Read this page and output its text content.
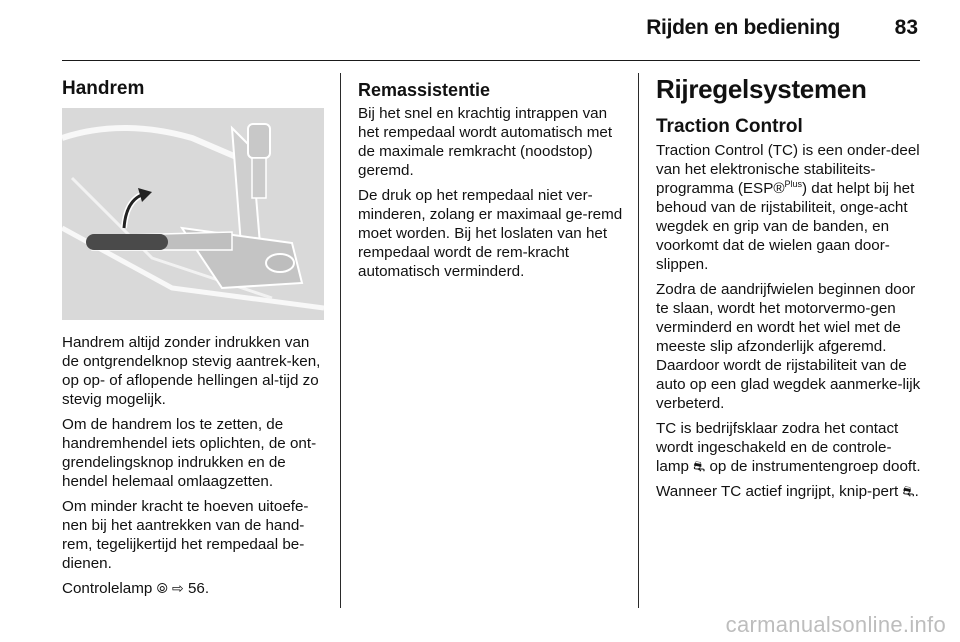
Rijden en bediening	83
Handrem

Handrem altijd zonder indrukken van de ontgrendelknop stevig aantrek-ken, op op- of aflopende hellingen al-tijd zo stevig mogelijk.

Om de handrem los te zetten, de handremhendel iets oplichten, de ont-grendelingsknop indrukken en de hendel helemaal omlaagzetten.

Om minder kracht te hoeven uitoefe-nen bij het aantrekken van de hand-rem, tegelijkertijd het rempedaal be-dienen.

Controlelamp ⦾ ⇨ 56.

Remassistentie

Bij het snel en krachtig intrappen van het rempedaal wordt automatisch met de maximale remkracht (noodstop) geremd.

De druk op het rempedaal niet ver-minderen, zolang er maximaal ge-remd moet worden. Bij het loslaten van het rempedaal wordt de rem-kracht automatisch verminderd.

Rijregelsystemen
Traction Control

Traction Control (TC) is een onder-deel van het elektronische stabiliteits-programma (ESP®$^{Plus}$) dat helpt bij het behoud van de rijstabiliteit, onge-acht wegdek en grip van de banden, en voorkomt dat de wielen gaan door-slippen.

Zodra de aandrijfwielen beginnen door te slaan, wordt het motorvermo-gen verminderd en wordt het wiel met de meeste slip afzonderlijk afgeremd. Daardoor wordt de rijstabiliteit van de auto op een glad wegdek aanmerke-lijk verbeterd.

TC is bedrijfsklaar zodra het contact wordt ingeschakeld en de controle-lamp ⛐ op de instrumentengroep dooft.

Wanneer TC actief ingrijpt, knip-pert ⛐.

carmanualsonline.info
